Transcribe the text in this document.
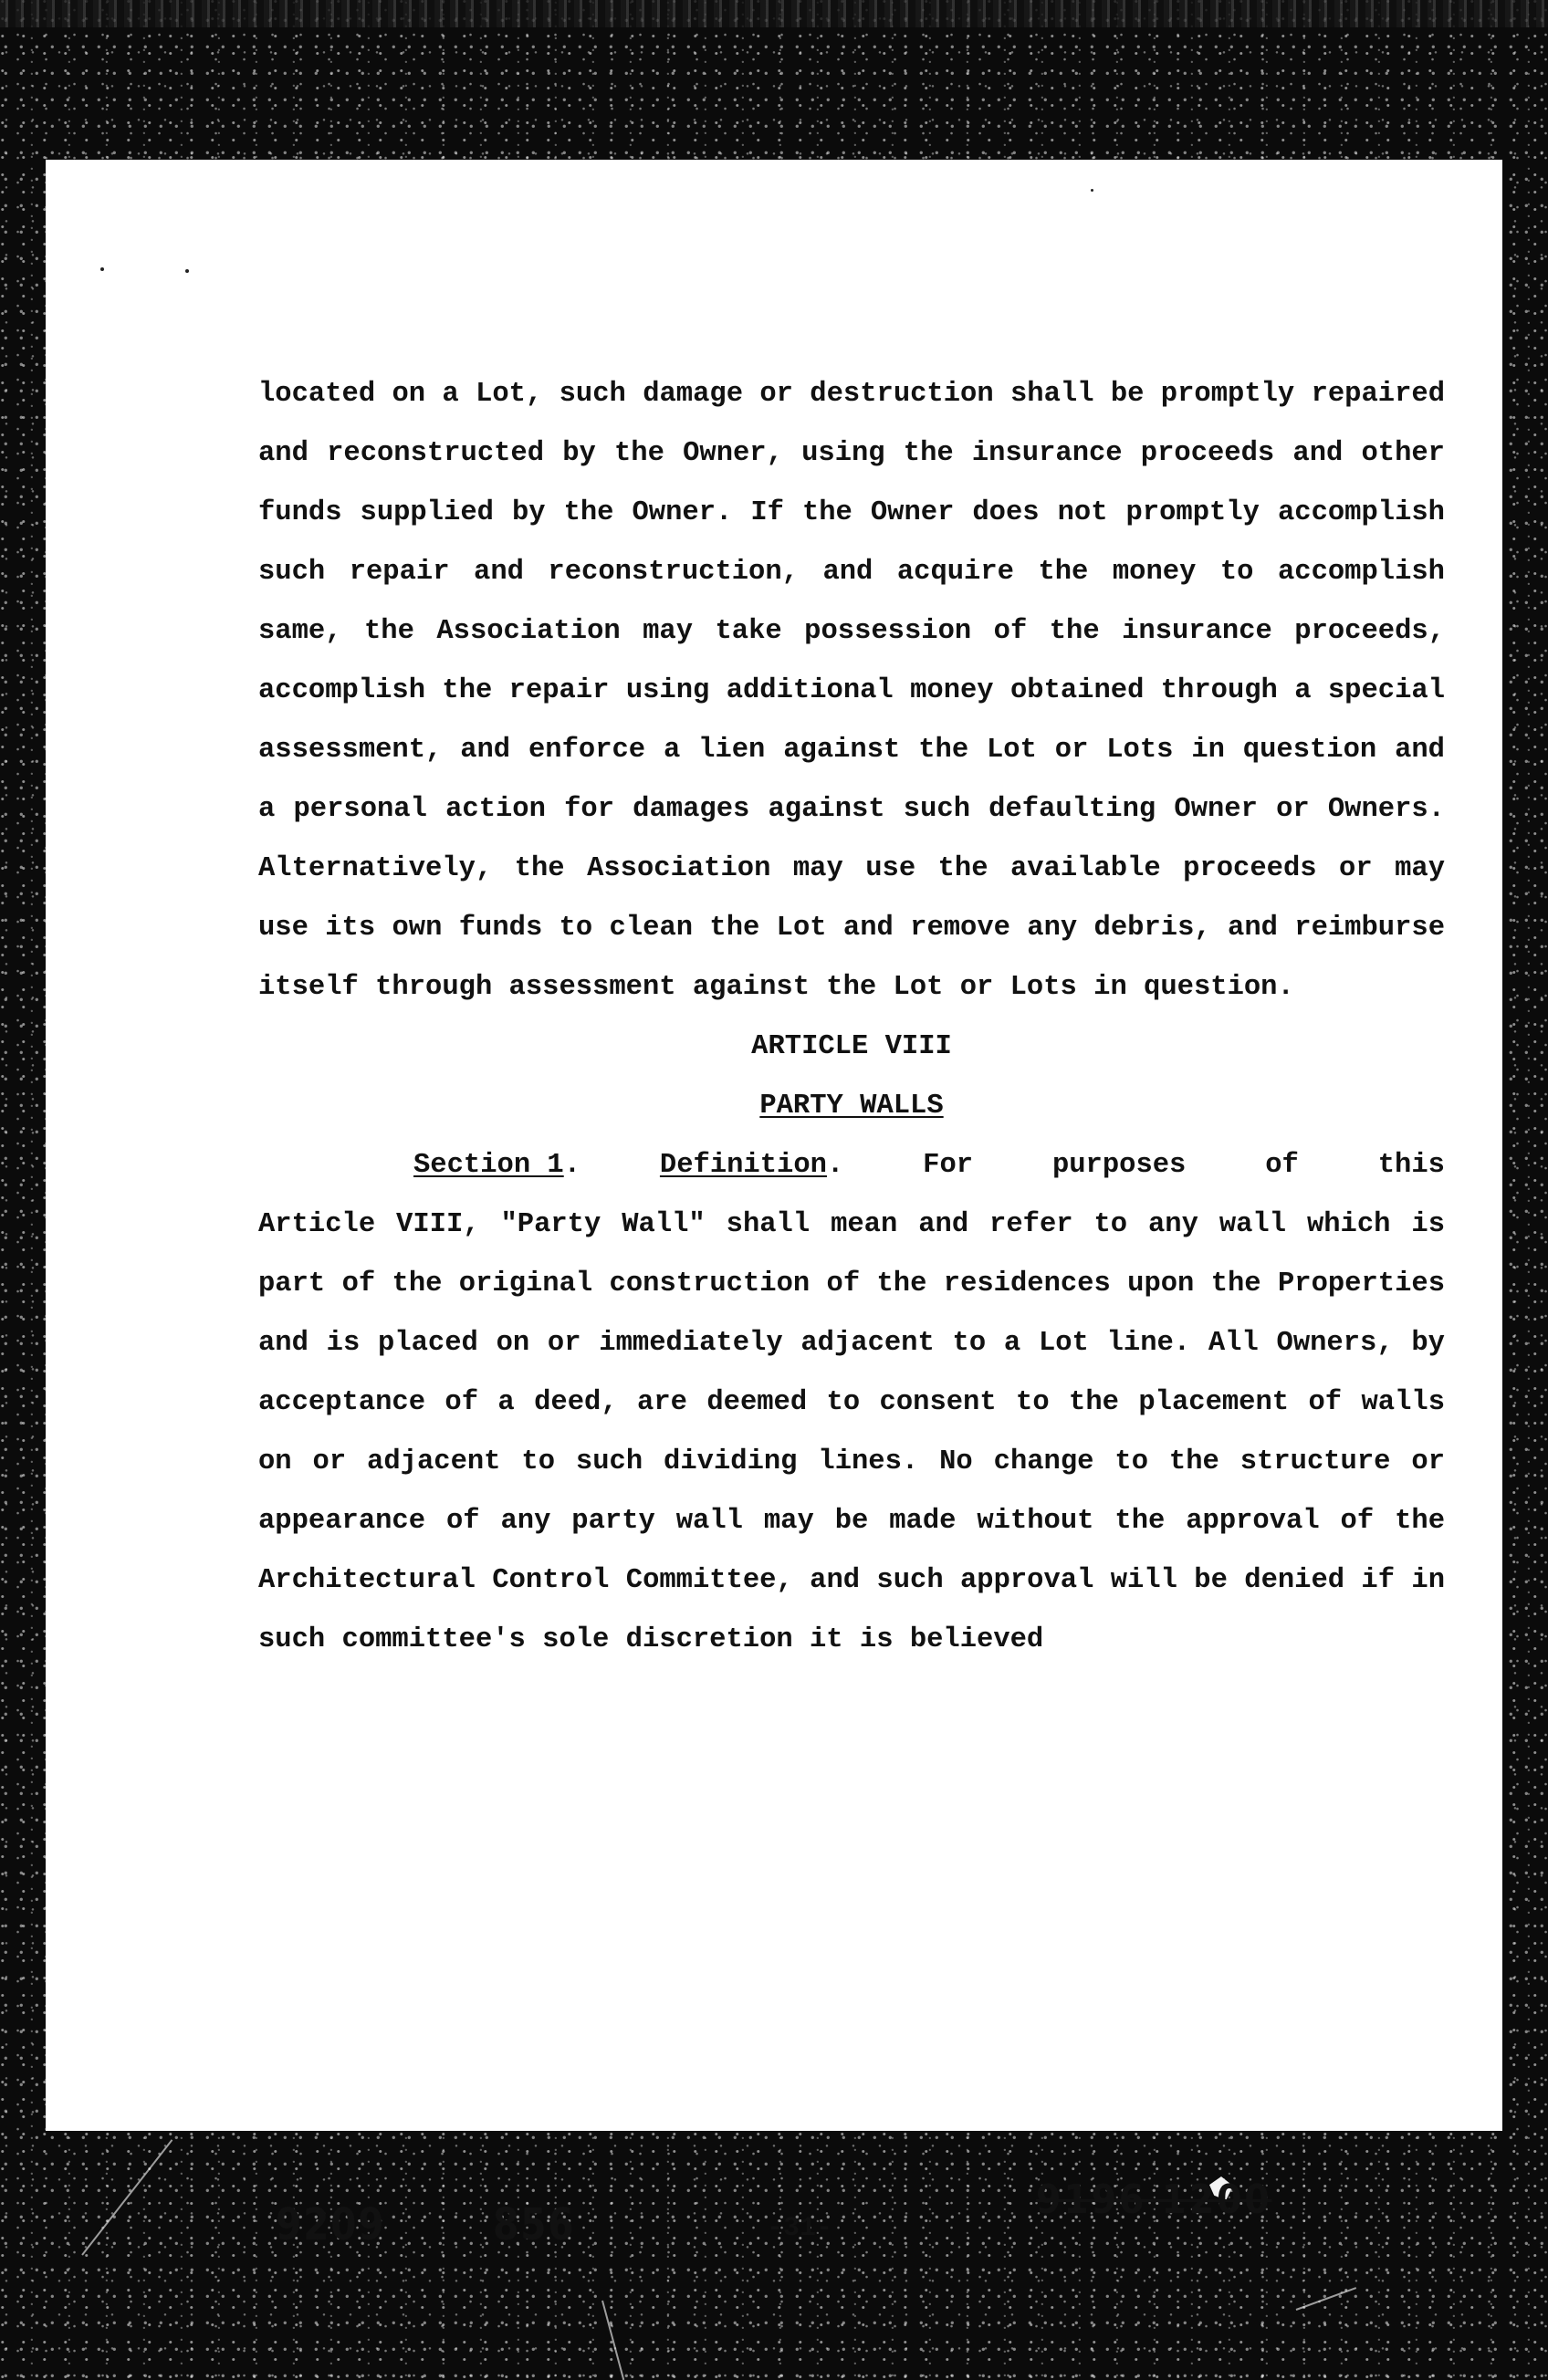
located on a Lot, such damage or destruction shall be promptly repaired and reconstructed by the Owner, using the insurance proceeds and other funds supplied by the Owner. If the Owner does not promptly accomplish such repair and reconstruction, and acquire the money to accomplish same, the Association may take possession of the insurance proceeds, accomplish the repair using additional money obtained through a special assessment, and enforce a lien against the Lot or Lots in question and a personal action for damages against such defaulting Owner or Owners. Alternatively, the Association may use the available proceeds or may use its own funds to clean the Lot and remove any debris, and reimburse itself through assessment against the Lot or Lots in question.

ARTICLE VIII

PARTY WALLS

Section 1.	Definition.	For	purposes	of	this

Article VIII, "Party Wall" shall mean and refer to any wall which is part of the original construction of the residences upon the Properties and is placed on or immediately adjacent to a Lot line. All Owners, by acceptance of a deed, are deemed to consent to the placement of walls on or adjacent to such dividing lines. No change to the structure or appearance of any party wall may be made without the approval of the Architectural Control Committee, and such approval will be denied if in such committee's sole discretion it is believed

9209 856	-31-
9196 1200
